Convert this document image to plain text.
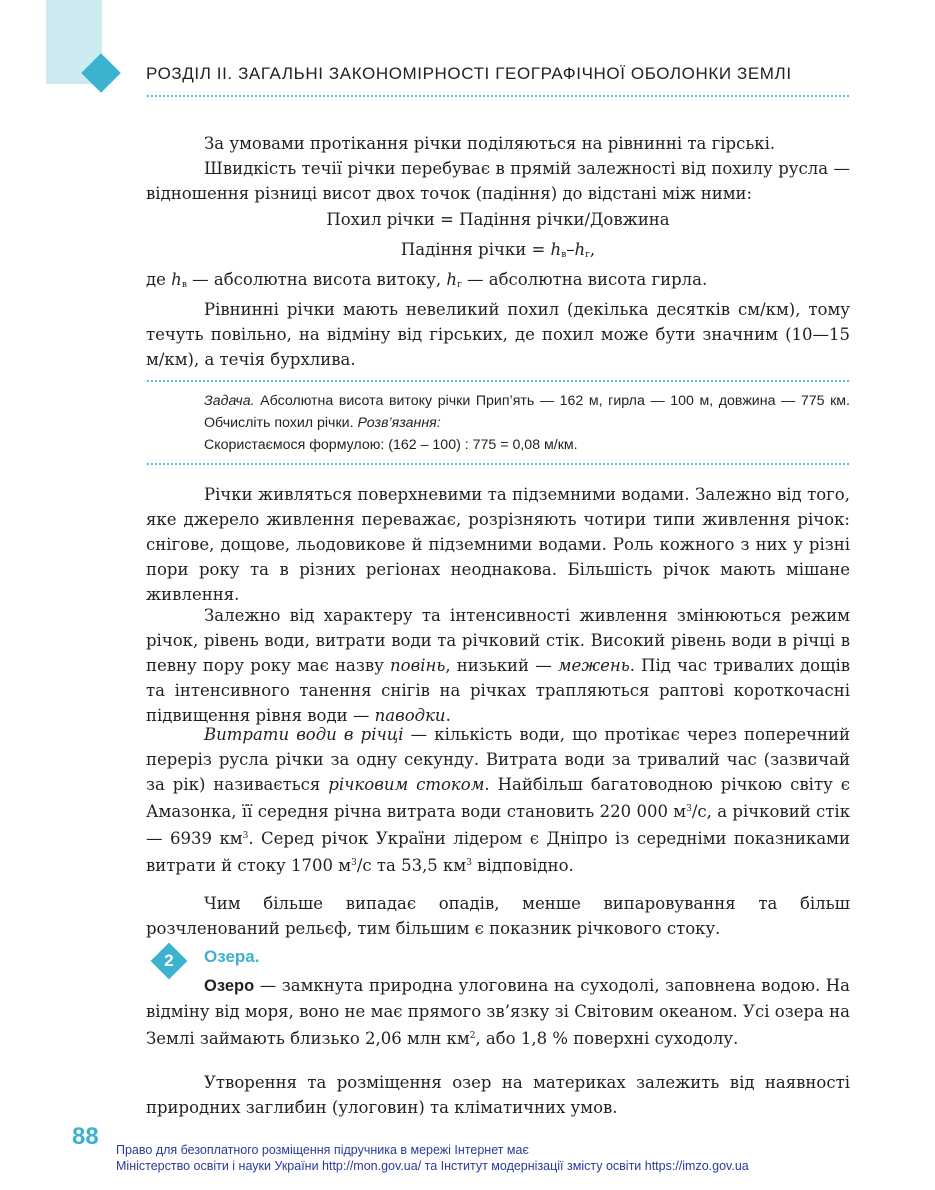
РОЗДІЛ ІІ. ЗАГАЛЬНІ ЗАКОНОМІРНОСТІ ГЕОГРАФІЧНОЇ ОБОЛОНКИ ЗЕМЛІ

За умовами протікання річки поділяються на рівнинні та гірські.

Швидкість течії річки перебуває в прямій залежності від похилу русла — відношення різниці висот двох точок (падіння) до відстані між ними:

Похил річки = Падіння річки/Довжина
Падіння річки = $h_в-h_г$,
де $h_в$ — абсолютна висота витоку, $h_г$ — абсолютна висота гирла.

Рівнинні річки мають невеликий похил (декілька десятків см/км), тому течуть повільно, на відміну від гірських, де похил може бути значним (10—15 м/км), а течія бурхлива.

Задача. Абсолютна висота витоку річки Прип’ять — 162 м, гирла — 100 м, довжина — 775 км. Обчисліть похил річки. Розв’язання:

Скористаємося формулою: (162 – 100) : 775 = 0,08 м/км.

Річки живляться поверхневими та підземними водами. Залежно від того, яке джерело живлення переважає, розрізняють чотири типи живлення річок: снігове, дощове, льодовикове й підземними водами. Роль кожного з них у різні пори року та в різних регіонах неоднакова. Більшість річок мають мішане живлення.

Залежно від характеру та інтенсивності живлення змінюються режим річок, рівень води, витрати води та річковий стік. Високий рівень води в річці в певну пору року має назву повінь, низький — межень. Під час тривалих дощів та інтенсивного танення снігів на річках трапляються раптові короткочасні підвищення рівня води — паводки.

Витрати води в річці — кількість води, що протікає через поперечний переріз русла річки за одну секунду. Витрата води за тривалий час (зазвичай за рік) називається річковим стоком. Найбільш багатоводною річкою світу є Амазонка, її середня річна витрата води становить 220 000 $м^3/с$, а річковий стік — 6939 $км^3$. Серед річок України лідером є Дніпро із середніми показниками витрати й стоку 1700 $м^3/с$ та 53,5 $км^3$ відповідно.

Чим більше випадає опадів, менше випаровування та більш розчленований рельєф, тим більшим є показник річкового стоку.

2	Озера.

Озеро — замкнута природна улоговина на суходолі, заповнена водою. На відміну від моря, воно не має прямого зв’язку зі Світовим океаном. Усі озера на Землі займають близько 2,06 млн $км^2$, або 1,8 % поверхні суходолу.

Утворення та розміщення озер на материках залежить від наявності природних заглибин (улоговин) та кліматичних умов.

88 Право для безоплатного розміщення підручника в мережі Інтернет має
Міністерство освіти і науки України http://mon.gov.ua/ та Інститут модернізації змісту освіти https://imzo.gov.ua
